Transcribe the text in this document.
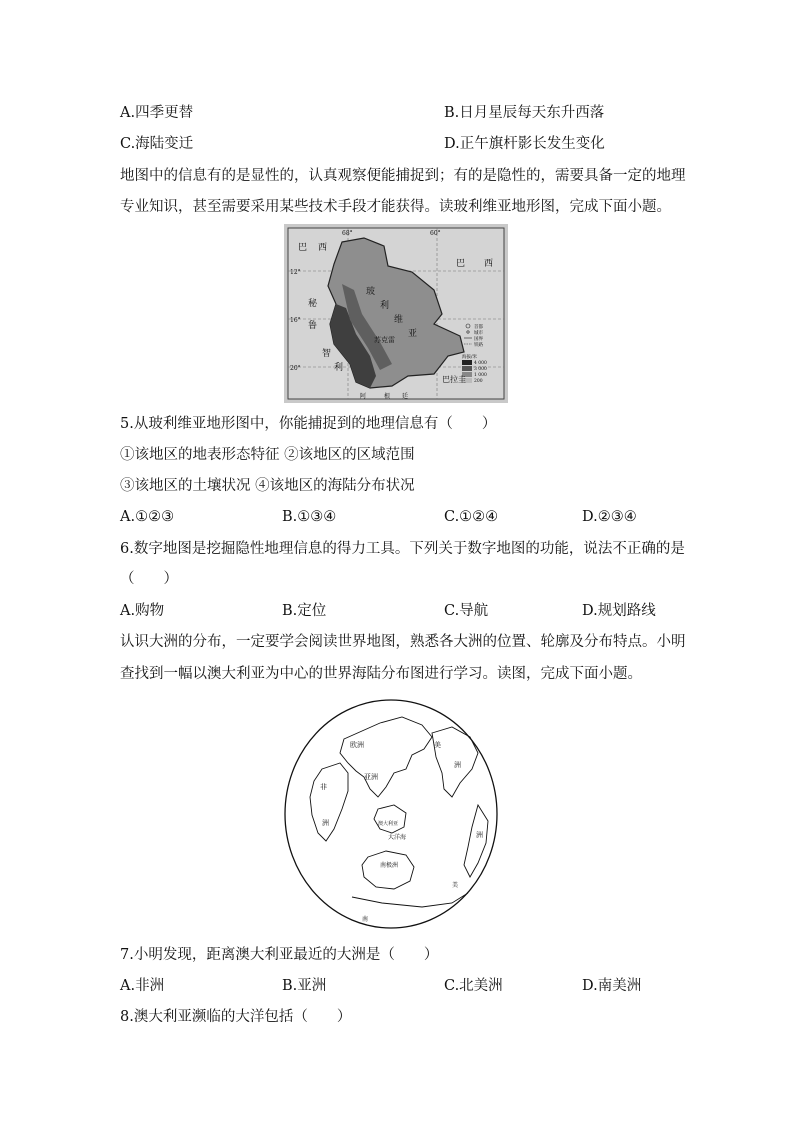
A.四季更替	B.日月星辰每天东升西落
C.海陆变迁	D.正午旗杆影长发生变化
地图中的信息有的是显性的，认真观察便能捕捉到；有的是隐性的，需要具备一定的地理
专业知识，甚至需要采用某些技术手段才能获得。读玻利维亚地形图，完成下面小题。
68°	60°
12°
16°
20°
巴 西
巴 西
秘
鲁
玻
利
维
亚
智
利
巴拉圭
阿	根 廷
苏克雷
首都
城市
国界
铁路
海拔/米
4 000
3 000
1 000
200
5.从玻利维亚地形图中，你能捕捉到的地理信息有（　　）
①该地区的地表形态特征 ②该地区的区域范围
③该地区的土壤状况 ④该地区的海陆分布状况
A.①②③	B.①③④	C.①②④	D.②③④
6.数字地图是挖掘隐性地理信息的得力工具。下列关于数字地图的功能，说法不正确的是
（　　）
A.购物	B.定位	C.导航	D.规划路线
认识大洲的分布，一定要学会阅读世界地图，熟悉各大洲的位置、轮廓及分布特点。小明
查找到一幅以澳大利亚为中心的世界海陆分布图进行学习。读图，完成下面小题。
欧洲
亚洲
非
洲
美
洲
洲
澳大利亚
大洋海
南极洲
美
南
7.小明发现，距离澳大利亚最近的大洲是（　　）
A.非洲	B.亚洲	C.北美洲	D.南美洲
8.澳大利亚濒临的大洋包括（　　）
